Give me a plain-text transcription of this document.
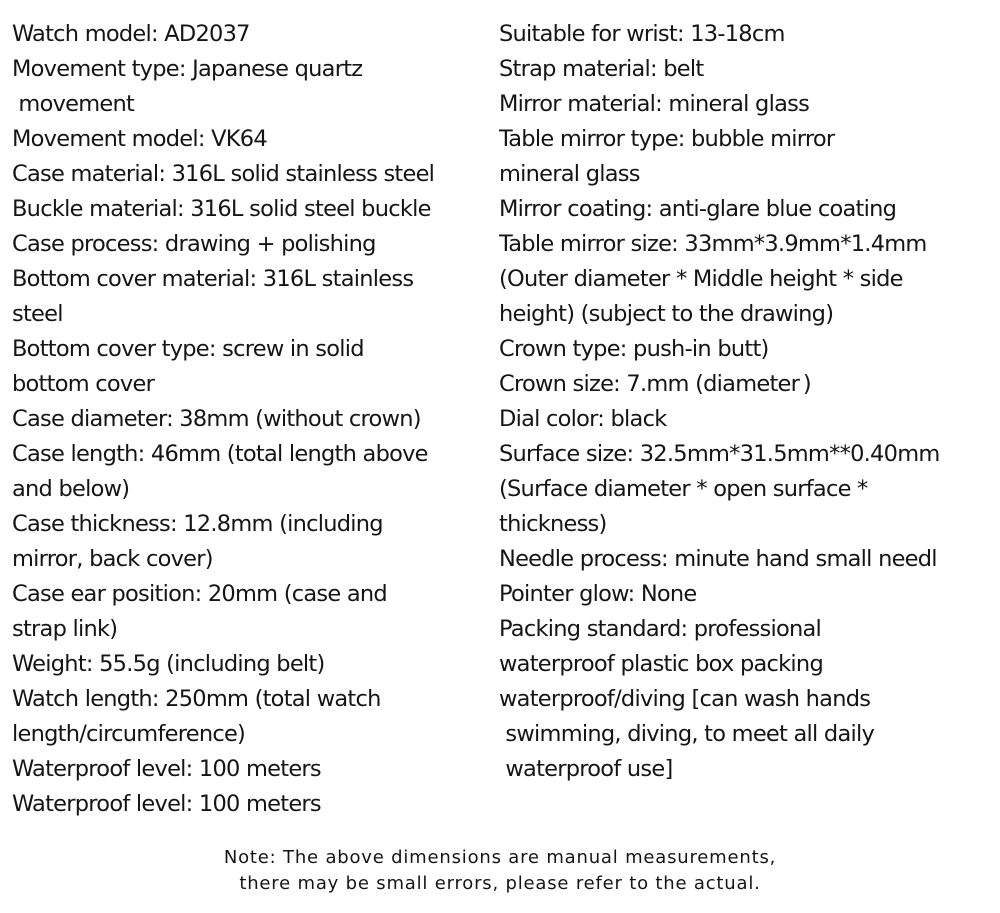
Watch model: AD2037
Movement type: Japanese quartz
movement
Movement model: VK64
Case material: 316L solid stainless steel
Buckle material: 316L solid steel buckle
Case process: drawing + polishing
Bottom cover material: 316L stainless
steel
Bottom cover type: screw in solid
bottom cover
Case diameter: 38mm (without crown)
Case length: 46mm (total length above
and below)
Case thickness: 12.8mm (including
mirror, back cover)
Case ear position: 20mm (case and
strap link)
Weight: 55.5g (including belt)
Watch length: 250mm (total watch
length/circumference)
Waterproof level: 100 meters
Waterproof level: 100 meters
Suitable for wrist: 13-18cm
Strap material: belt
Mirror material: mineral glass
Table mirror type: bubble mirror
mineral glass
Mirror coating: anti-glare blue coating
Table mirror size: 33mm*3.9mm*1.4mm
(Outer diameter * Middle height * side
height) (subject to the drawing)
Crown type: push-in butt)
Crown size: 7.mm (diameter )
Dial color: black
Surface size: 32.5mm*31.5mm**0.40mm
(Surface diameter * open surface *
thickness)
Needle process: minute hand small needl
Pointer glow: None
Packing standard: professional
waterproof plastic box packing
waterproof/diving [can wash hands
swimming, diving, to meet all daily
waterproof use]
Note: The above dimensions are manual measurements,
there may be small errors, please refer to the actual.
